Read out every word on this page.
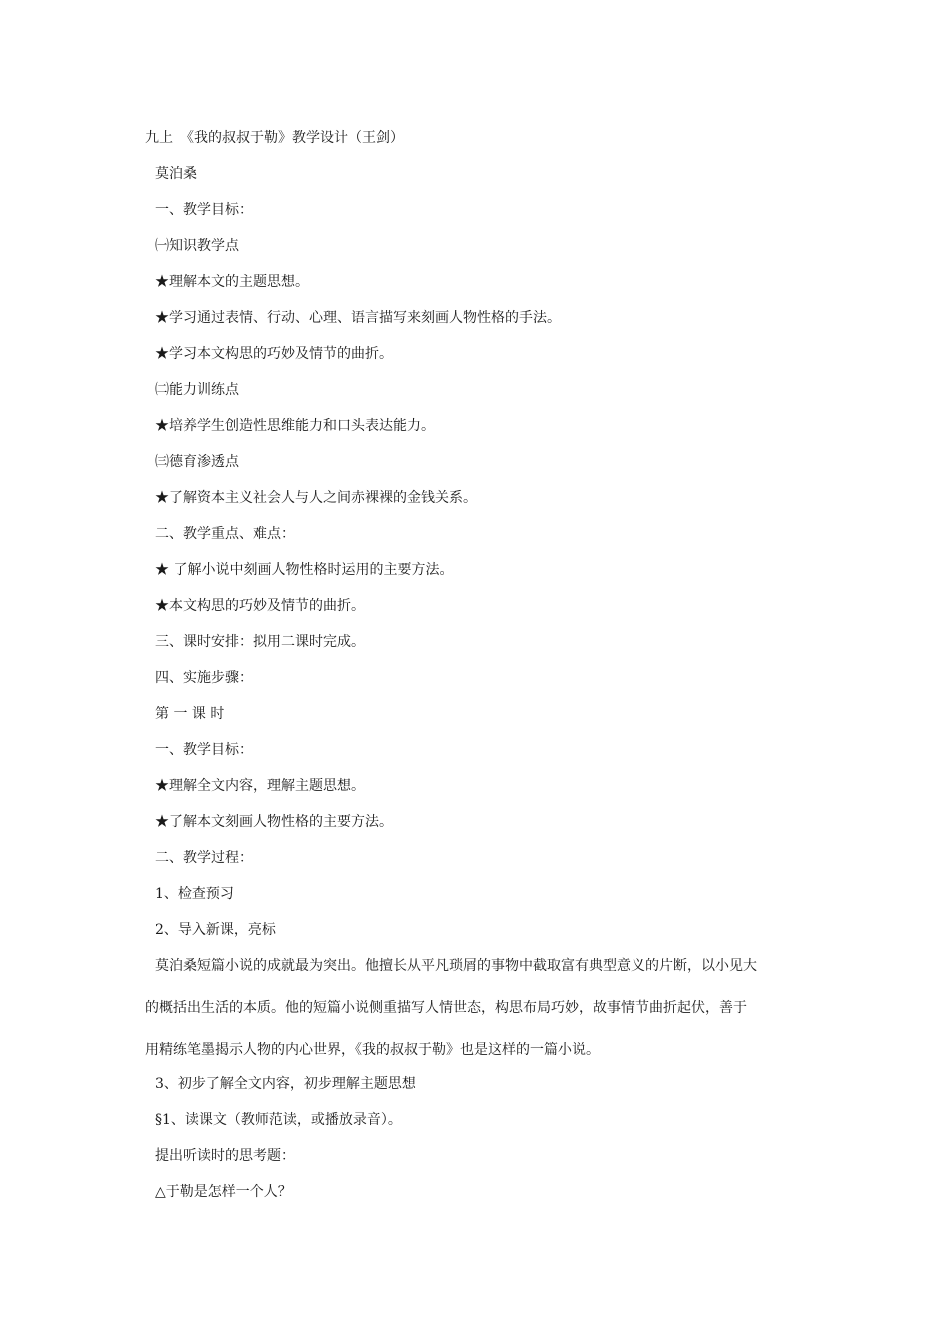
九上　《我的叔叔于勒》教学设计（王剑）
莫泊桑
一、教学目标：
㈠知识教学点
★理解本文的主题思想。
★学习通过表情、行动、心理、语言描写来刻画人物性格的手法。
★学习本文构思的巧妙及情节的曲折。
㈡能力训练点
★培养学生创造性思维能力和口头表达能力。
㈢德育渗透点
★了解资本主义社会人与人之间赤裸裸的金钱关系。
二、教学重点、难点：
★ 了解小说中刻画人物性格时运用的主要方法。
★本文构思的巧妙及情节的曲折。
三、课时安排：拟用二课时完成。
四、实施步骤：
第 一 课 时
一、教学目标：
★理解全文内容，理解主题思想。
★了解本文刻画人物性格的主要方法。
二、教学过程：
1、检查预习
2、导入新课，亮标
莫泊桑短篇小说的成就最为突出。他擅长从平凡琐屑的事物中截取富有典型意义的片断，以小见大
的概括出生活的本质。他的短篇小说侧重描写人情世态，构思布局巧妙，故事情节曲折起伏，善于
用精练笔墨揭示人物的内心世界，《我的叔叔于勒》也是这样的一篇小说。
3、初步了解全文内容，初步理解主题思想
§1、读课文（教师范读，或播放录音）。
提出听读时的思考题：
△于勒是怎样一个人？
